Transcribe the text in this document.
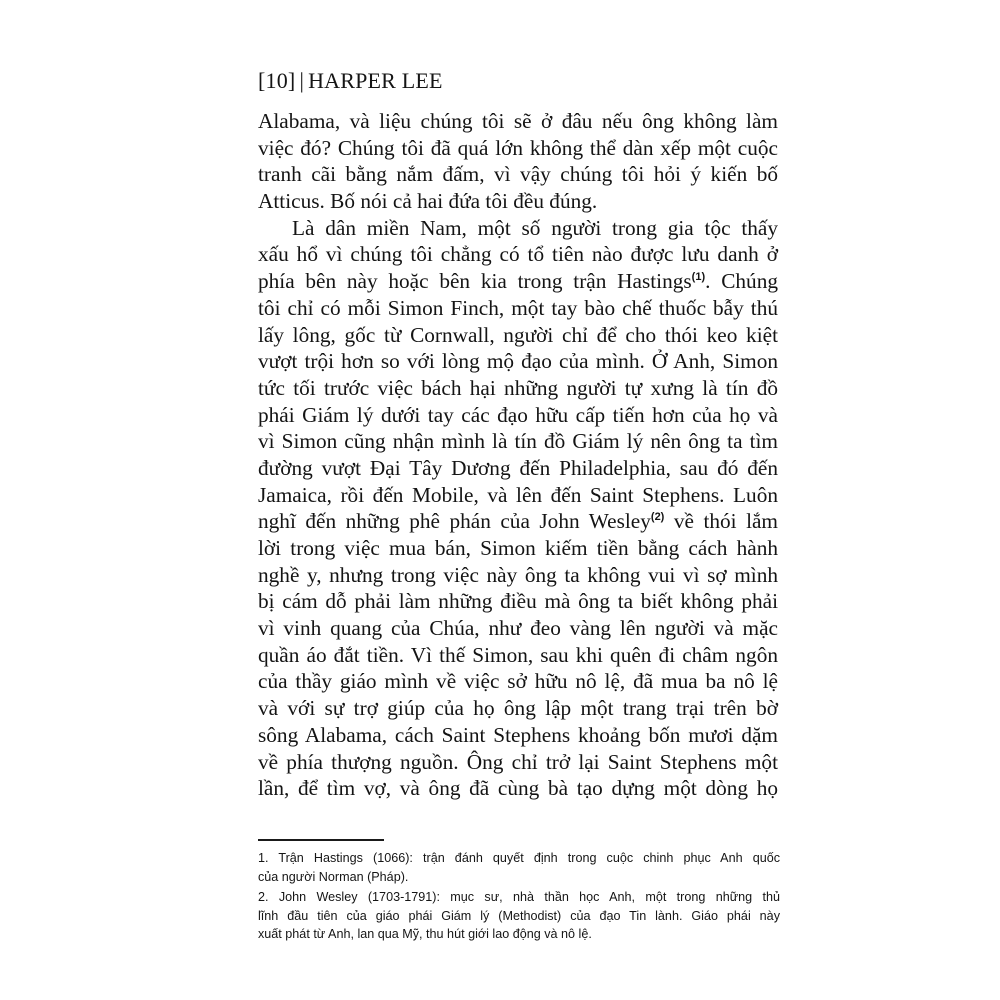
[10] | HARPER LEE
Alabama, và liệu chúng tôi sẽ ở đâu nếu ông không làm
việc đó? Chúng tôi đã quá lớn không thể dàn xếp một cuộc
tranh cãi bằng nắm đấm, vì vậy chúng tôi hỏi ý kiến bố
Atticus. Bố nói cả hai đứa tôi đều đúng.
Là dân miền Nam, một số người trong gia tộc thấy
xấu hổ vì chúng tôi chẳng có tổ tiên nào được lưu danh ở
phía bên này hoặc bên kia trong trận Hastings$^{(1)}$. Chúng
tôi chỉ có mỗi Simon Finch, một tay bào chế thuốc bẫy thú
lấy lông, gốc từ Cornwall, người chỉ để cho thói keo kiệt
vượt trội hơn so với lòng mộ đạo của mình. Ở Anh, Simon
tức tối trước việc bách hại những người tự xưng là tín đồ
phái Giám lý dưới tay các đạo hữu cấp tiến hơn của họ và
vì Simon cũng nhận mình là tín đồ Giám lý nên ông ta tìm
đường vượt Đại Tây Dương đến Philadelphia, sau đó đến
Jamaica, rồi đến Mobile, và lên đến Saint Stephens. Luôn
nghĩ đến những phê phán của John Wesley$^{(2)}$ về thói lắm
lời trong việc mua bán, Simon kiếm tiền bằng cách hành
nghề y, nhưng trong việc này ông ta không vui vì sợ mình
bị cám dỗ phải làm những điều mà ông ta biết không phải
vì vinh quang của Chúa, như đeo vàng lên người và mặc
quần áo đắt tiền. Vì thế Simon, sau khi quên đi châm ngôn
của thầy giáo mình về việc sở hữu nô lệ, đã mua ba nô lệ
và với sự trợ giúp của họ ông lập một trang trại trên bờ
sông Alabama, cách Saint Stephens khoảng bốn mươi dặm
về phía thượng nguồn. Ông chỉ trở lại Saint Stephens một
lần, để tìm vợ, và ông đã cùng bà tạo dựng một dòng họ
1. Trận Hastings (1066): trận đánh quyết định trong cuộc chinh phục Anh quốc
của người Norman (Pháp).
2. John Wesley (1703-1791): mục sư, nhà thần học Anh, một trong những thủ
lĩnh đầu tiên của giáo phái Giám lý (Methodist) của đạo Tin lành. Giáo phái này
xuất phát từ Anh, lan qua Mỹ, thu hút giới lao động và nô lệ.
